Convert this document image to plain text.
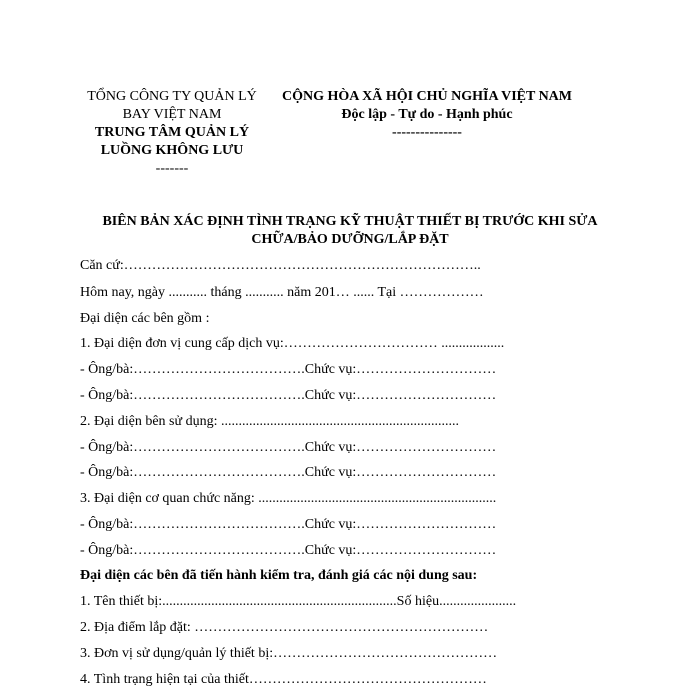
TỔNG CÔNG TY QUẢN LÝ
BAY VIỆT NAM
TRUNG TÂM QUẢN LÝ
LUỒNG KHÔNG LƯU
-------
CỘNG HÒA XÃ HỘI CHỦ NGHĨA VIỆT NAM
Độc lập - Tự do - Hạnh phúc
---------------
BIÊN BẢN XÁC ĐỊNH TÌNH TRẠNG KỸ THUẬT THIẾT BỊ TRƯỚC KHI SỬA
CHỮA/BẢO DƯỠNG/LẮP ĐẶT
Căn cứ:…………………………………………………………………..
Hôm nay, ngày ........... tháng ........... năm 201… ...... Tại ………………
Đại diện các bên gồm :
1. Đại diện đơn vị cung cấp dịch vụ:…………………………… ..................
- Ông/bà:……………………………….Chức vụ:…………………………
- Ông/bà:……………………………….Chức vụ:…………………………
2. Đại diện bên sử dụng: ....................................................................
- Ông/bà:……………………………….Chức vụ:…………………………
- Ông/bà:……………………………….Chức vụ:…………………………
3. Đại diện cơ quan chức năng: ....................................................................
- Ông/bà:……………………………….Chức vụ:…………………………
- Ông/bà:……………………………….Chức vụ:…………………………
Đại diện các bên đã tiến hành kiểm tra, đánh giá các nội dung sau:
1. Tên thiết bị:...................................................................Số hiệu......................
2. Địa điểm lắp đặt: ………………………………………………………
3. Đơn vị sử dụng/quản lý thiết bị:…………………………………………
4. Tình trạng hiện tại của thiết……………………………………………
